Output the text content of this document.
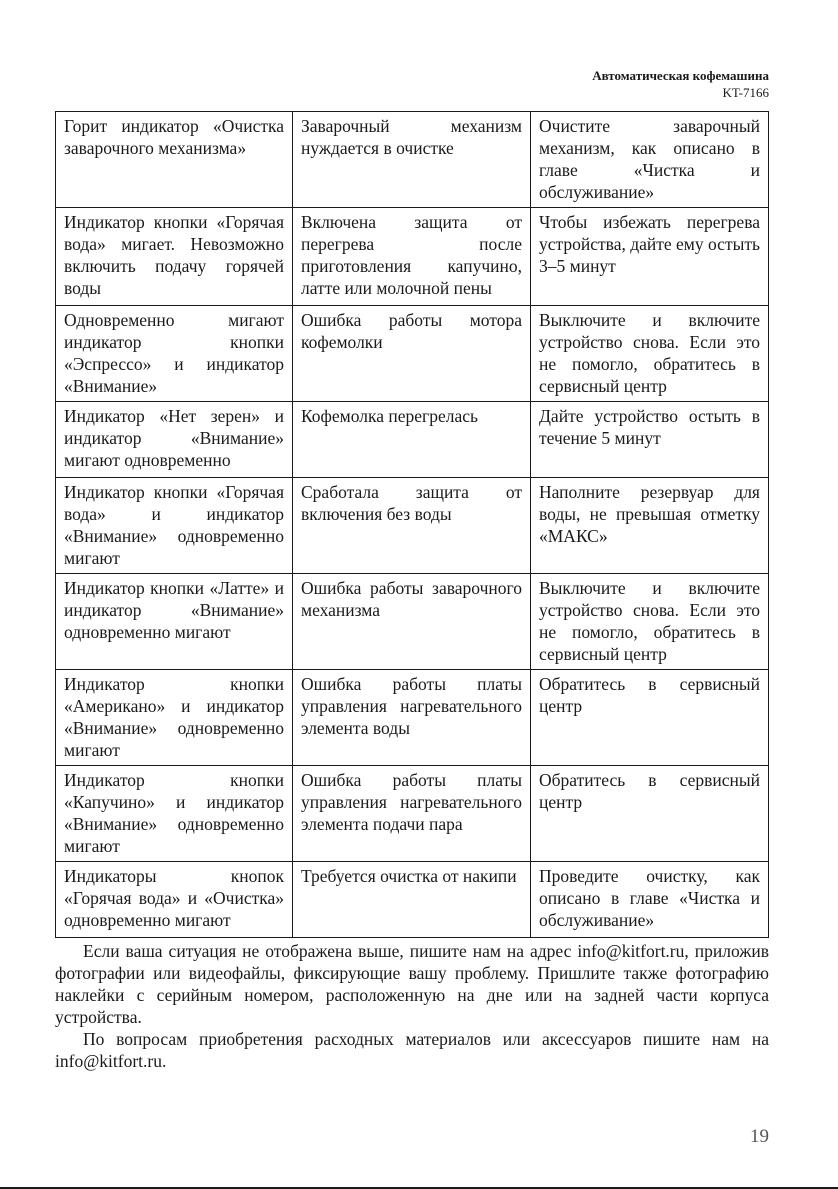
Автоматическая кофемашина
KT-7166
Горит индикатор «Очистка заварочного механизма»	Заварочный механизм нуждается в очистке	Очистите заварочный механизм, как описано в главе «Чистка и обслуживание»
Индикатор кнопки «Горячая вода» мигает. Невозможно включить подачу горячей воды	Включена защита от перегрева после приготовления капучино, латте или молочной пены	Чтобы избежать перегрева устройства, дайте ему остыть 3–5 минут
Одновременно мигают индикатор кнопки «Эспрессо» и индикатор «Внимание»	Ошибка работы мотора кофемолки	Выключите и включите устройство снова. Если это не помогло, обратитесь в сервисный центр
Индикатор «Нет зерен» и индикатор «Внимание» мигают одновременно	Кофемолка перегрелась	Дайте устройство остыть в течение 5 минут
Индикатор кнопки «Горячая вода» и индикатор «Внимание» одновременно мигают	Сработала защита от включения без воды	Наполните резервуар для воды, не превышая отметку «МАКС»
Индикатор кнопки «Латте» и индикатор «Внимание» одновременно мигают	Ошибка работы заварочного механизма	Выключите и включите устройство снова. Если это не помогло, обратитесь в сервисный центр
Индикатор кнопки «Американо» и индикатор «Внимание» одновременно мигают	Ошибка работы платы управления нагревательного элемента воды	Обратитесь в сервисный центр
Индикатор кнопки «Капучино» и индикатор «Внимание» одновременно мигают	Ошибка работы платы управления нагревательного элемента подачи пара	Обратитесь в сервисный центр
Индикаторы кнопок «Горячая вода» и «Очистка» одновременно мигают	Требуется очистка от накипи	Проведите очистку, как описано в главе «Чистка и обслуживание»

Если ваша ситуация не отображена выше, пишите нам на адрес info@kitfort.ru, приложив фотографии или видеофайлы, фиксирующие вашу проблему. Пришлите также фотографию наклейки с серийным номером, расположенную на дне или на задней части корпуса устройства.

По вопросам приобретения расходных материалов или аксессуаров пишите нам на info@kitfort.ru.

19
